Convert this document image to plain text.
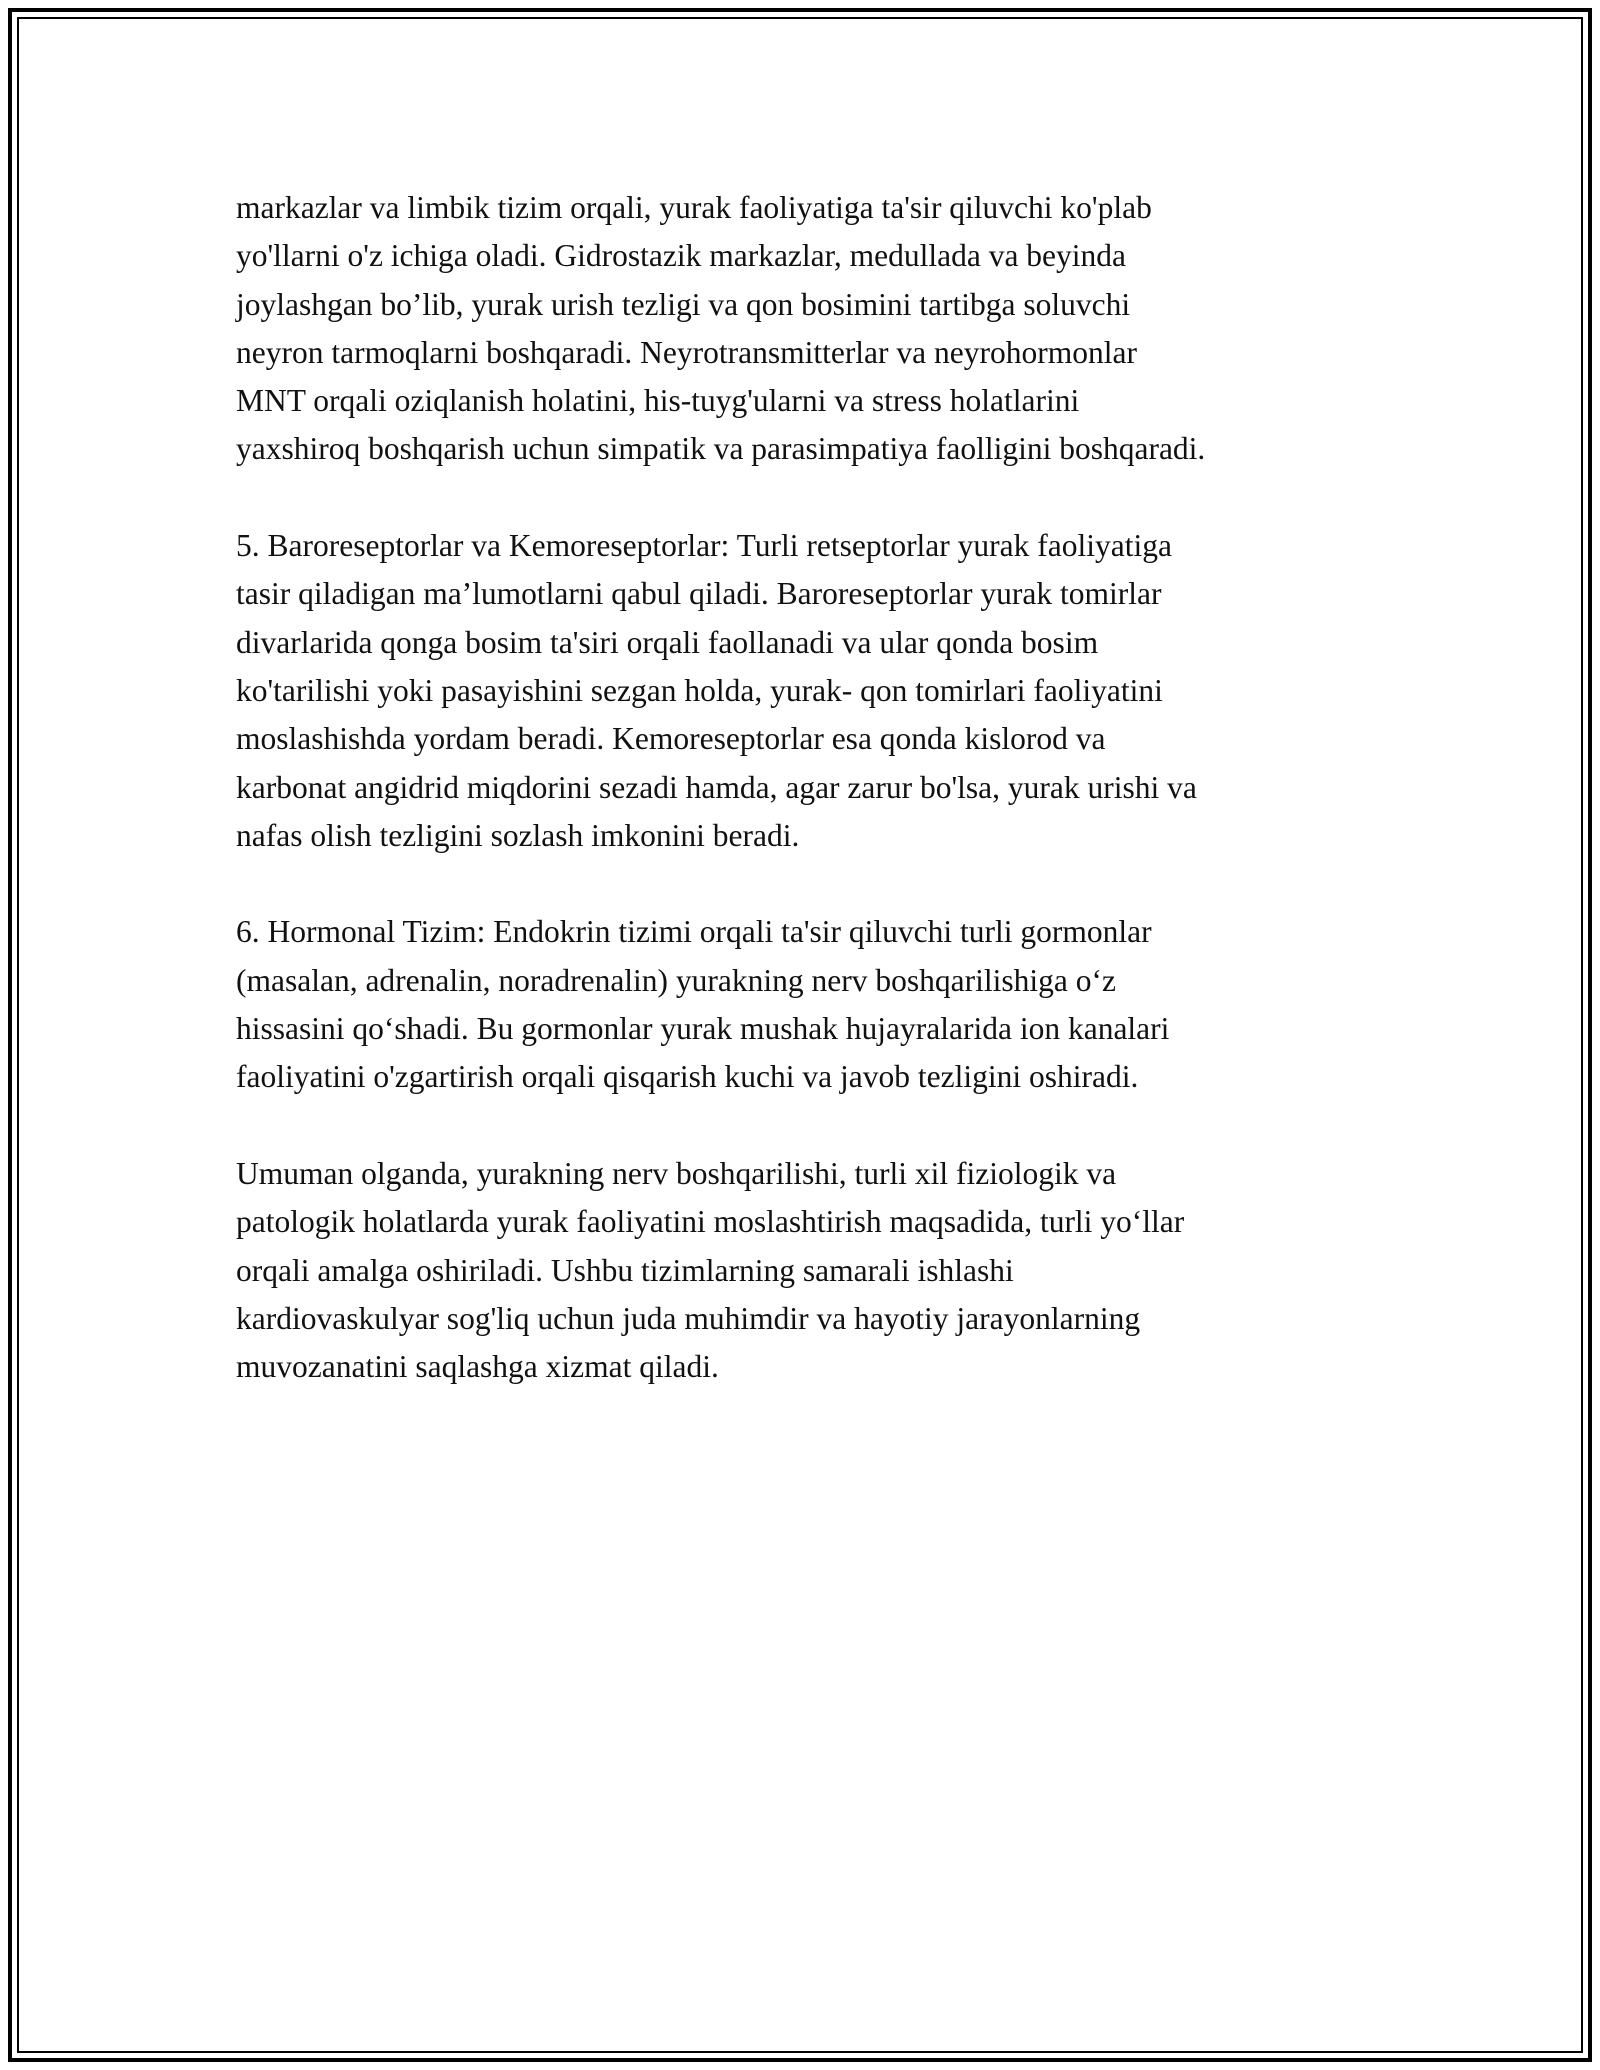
markazlar va limbik tizim orqali, yurak faoliyatiga ta'sir qiluvchi ko'plab
yo'llarni o'z ichiga oladi. Gidrostazik markazlar, medullada va beyinda
joylashgan bo’lib, yurak urish tezligi va qon bosimini tartibga soluvchi
neyron tarmoqlarni boshqaradi. Neyrotransmitterlar va neyrohormonlar
MNT orqali oziqlanish holatini, his-tuyg'ularni va stress holatlarini
yaxshiroq boshqarish uchun simpatik va parasimpatiya faolligini boshqaradi.

5. Baroreseptorlar va Kemoreseptorlar: Turli retseptorlar yurak faoliyatiga
tasir qiladigan ma’lumotlarni qabul qiladi. Baroreseptorlar yurak tomirlar
divarlarida qonga bosim ta'siri orqali faollanadi va ular qonda bosim
ko'tarilishi yoki pasayishini sezgan holda, yurak- qon tomirlari faoliyatini
moslashishda yordam beradi. Kemoreseptorlar esa qonda kislorod va
karbonat angidrid miqdorini sezadi hamda, agar zarur bo'lsa, yurak urishi va
nafas olish tezligini sozlash imkonini beradi.

6. Hormonal Tizim: Endokrin tizimi orqali ta'sir qiluvchi turli gormonlar
(masalan, adrenalin, noradrenalin) yurakning nerv boshqarilishiga o‘z
hissasini qo‘shadi. Bu gormonlar yurak mushak hujayralarida ion kanalari
faoliyatini o'zgartirish orqali qisqarish kuchi va javob tezligini oshiradi.

Umuman olganda, yurakning nerv boshqarilishi, turli xil fiziologik va
patologik holatlarda yurak faoliyatini moslashtirish maqsadida, turli yo‘llar
orqali amalga oshiriladi. Ushbu tizimlarning samarali ishlashi
kardiovaskulyar sog'liq uchun juda muhimdir va hayotiy jarayonlarning
muvozanatini saqlashga xizmat qiladi.
